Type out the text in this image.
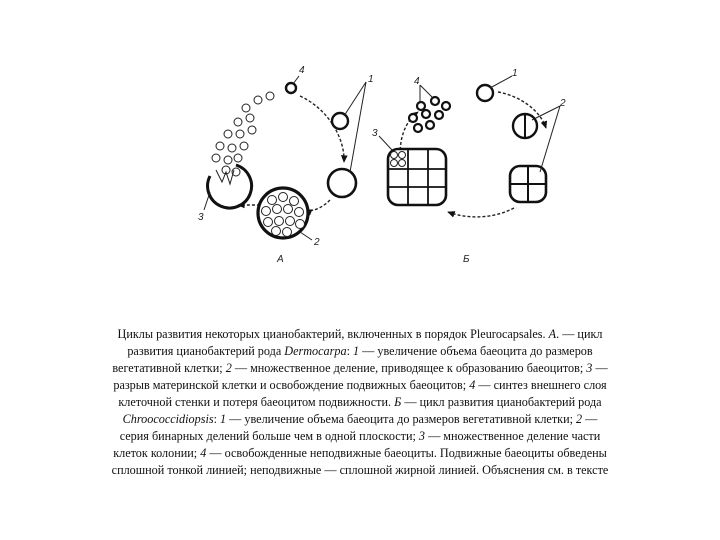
1
2
3
4
А
1
2
3
4
Б
Циклы развития некоторых цианобактерий, включенных в порядок Pleurocapsales. A. — цикл развития цианобактерий рода Dermocarpa: 1 — увеличение объема баеоцита до размеров вегетативной клетки; 2 — множественное деление, приводящее к образованию баеоцитов; 3 — разрыв материнской клетки и освобождение подвижных баеоцитов; 4 — синтез внешнего слоя клеточной стенки и потеря баеоцитом подвижности. Б — цикл развития цианобактерий рода Chroococcidiopsis: 1 — увеличение объема баеоцита до размеров вегетативной клетки; 2 — серия бинарных делений больше чем в одной плоскости; 3 — множественное деление части клеток колонии; 4 — освобожденные неподвижные баеоциты. Подвижные баеоциты обведены сплошной тонкой линией; неподвижные — сплошной жирной линией. Объяснения см. в тексте
